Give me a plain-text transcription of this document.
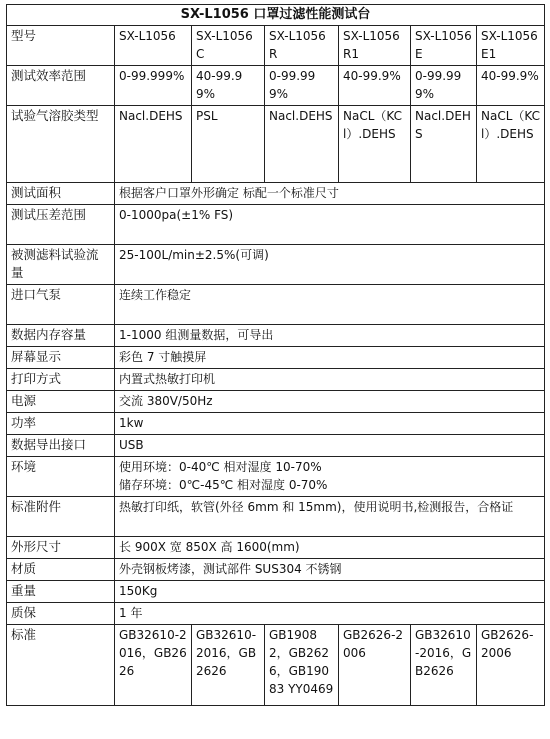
SX-L1056 口罩过滤性能测试台						
型号	SX-L1056	SX-L1056C	SX-L1056R	SX-L1056R1	SX-L1056E	SX-L1056E1
测试效率范围	0-99.999%	40-99.99%	0-99.999%	40-99.9%	0-99.999%	40-99.9%
试验气溶胶类型	Nacl.DEHS	PSL	Nacl.DEHS	NaCL（KCl）.DEHS	Nacl.DEHS	NaCL（KCl）.DEHS
测试面积	根据客户口罩外形确定 标配一个标准尺寸					
测试压差范围	0-1000pa(±1% FS)					
被测滤料试验流量	25-100L/min±2.5%(可调)					
进口气泵	连续工作稳定					
数据内存容量	1-1000 组测量数据，可导出					
屏幕显示	彩色 7 寸触摸屏					
打印方式	内置式热敏打印机					
电源	交流 380V/50Hz					
功率	1kw					
数据导出接口	USB					
环境	使用环境：0-40℃ 相对湿度 10-70%
储存环境：0℃-45℃ 相对湿度 0-70%					

标准附件	热敏打印纸，软管(外径 6mm 和 15mm)，使用说明书,检测报告，合格证					
外形尺寸	长 900X 宽 850X 高 1600(mm)					
材质	外壳钢板烤漆，测试部件 SUS304 不锈钢					
重量	150Kg					
质保	1 年					
标准	GB32610-2016，GB2626	GB32610-2016，GB2626	GB19082，GB2626，GB19083 YY0469	GB2626-2006	GB32610-2016，GB2626	GB2626-2006
